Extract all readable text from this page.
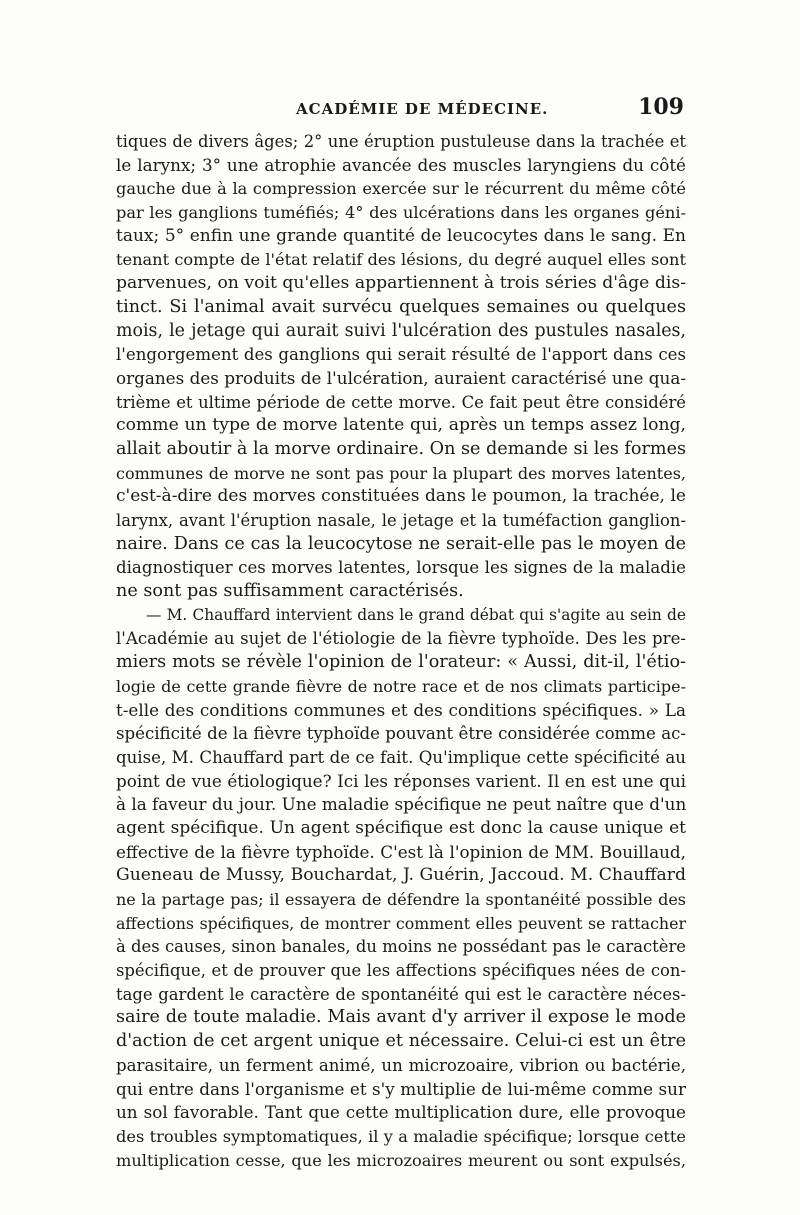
ACADÉMIE DE MÉDECINE.	109
tiques de divers âges; 2° une éruption pustuleuse dans la trachée et
le larynx; 3° une atrophie avancée des muscles laryngiens du côté
gauche due à la compression exercée sur le récurrent du même côté
par les ganglions tuméfiés; 4° des ulcérations dans les organes géni-
taux; 5° enfin une grande quantité de leucocytes dans le sang. En
tenant compte de l'état relatif des lésions, du degré auquel elles sont
parvenues, on voit qu'elles appartiennent à trois séries d'âge dis-
tinct. Si l'animal avait survécu quelques semaines ou quelques
mois, le jetage qui aurait suivi l'ulcération des pustules nasales,
l'engorgement des ganglions qui serait résulté de l'apport dans ces
organes des produits de l'ulcération, auraient caractérisé une qua-
trième et ultime période de cette morve. Ce fait peut être considéré
comme un type de morve latente qui, après un temps assez long,
allait aboutir à la morve ordinaire. On se demande si les formes
communes de morve ne sont pas pour la plupart des morves latentes,
c'est-à-dire des morves constituées dans le poumon, la trachée, le
larynx, avant l'éruption nasale, le jetage et la tuméfaction ganglion-
naire. Dans ce cas la leucocytose ne serait-elle pas le moyen de
diagnostiquer ces morves latentes, lorsque les signes de la maladie
ne sont pas suffisamment caractérisés.
— M. Chauffard intervient dans le grand débat qui s'agite au sein de
l'Académie au sujet de l'étiologie de la fièvre typhoïde. Des les pre-
miers mots se révèle l'opinion de l'orateur: « Aussi, dit-il, l'étio-
logie de cette grande fièvre de notre race et de nos climats participe-
t-elle des conditions communes et des conditions spécifiques. » La
spécificité de la fièvre typhoïde pouvant être considérée comme ac-
quise, M. Chauffard part de ce fait. Qu'implique cette spécificité au
point de vue étiologique? Ici les réponses varient. Il en est une qui
à la faveur du jour. Une maladie spécifique ne peut naître que d'un
agent spécifique. Un agent spécifique est donc la cause unique et
effective de la fièvre typhoïde. C'est là l'opinion de MM. Bouillaud,
Gueneau de Mussy, Bouchardat, J. Guérin, Jaccoud. M. Chauffard
ne la partage pas; il essayera de défendre la spontanéité possible des
affections spécifiques, de montrer comment elles peuvent se rattacher
à des causes, sinon banales, du moins ne possédant pas le caractère
spécifique, et de prouver que les affections spécifiques nées de con-
tage gardent le caractère de spontanéité qui est le caractère néces-
saire de toute maladie. Mais avant d'y arriver il expose le mode
d'action de cet argent unique et nécessaire. Celui-ci est un être
parasitaire, un ferment animé, un microzoaire, vibrion ou bactérie,
qui entre dans l'organisme et s'y multiplie de lui-même comme sur
un sol favorable. Tant que cette multiplication dure, elle provoque
des troubles symptomatiques, il y a maladie spécifique; lorsque cette
multiplication cesse, que les microzoaires meurent ou sont expulsés,
